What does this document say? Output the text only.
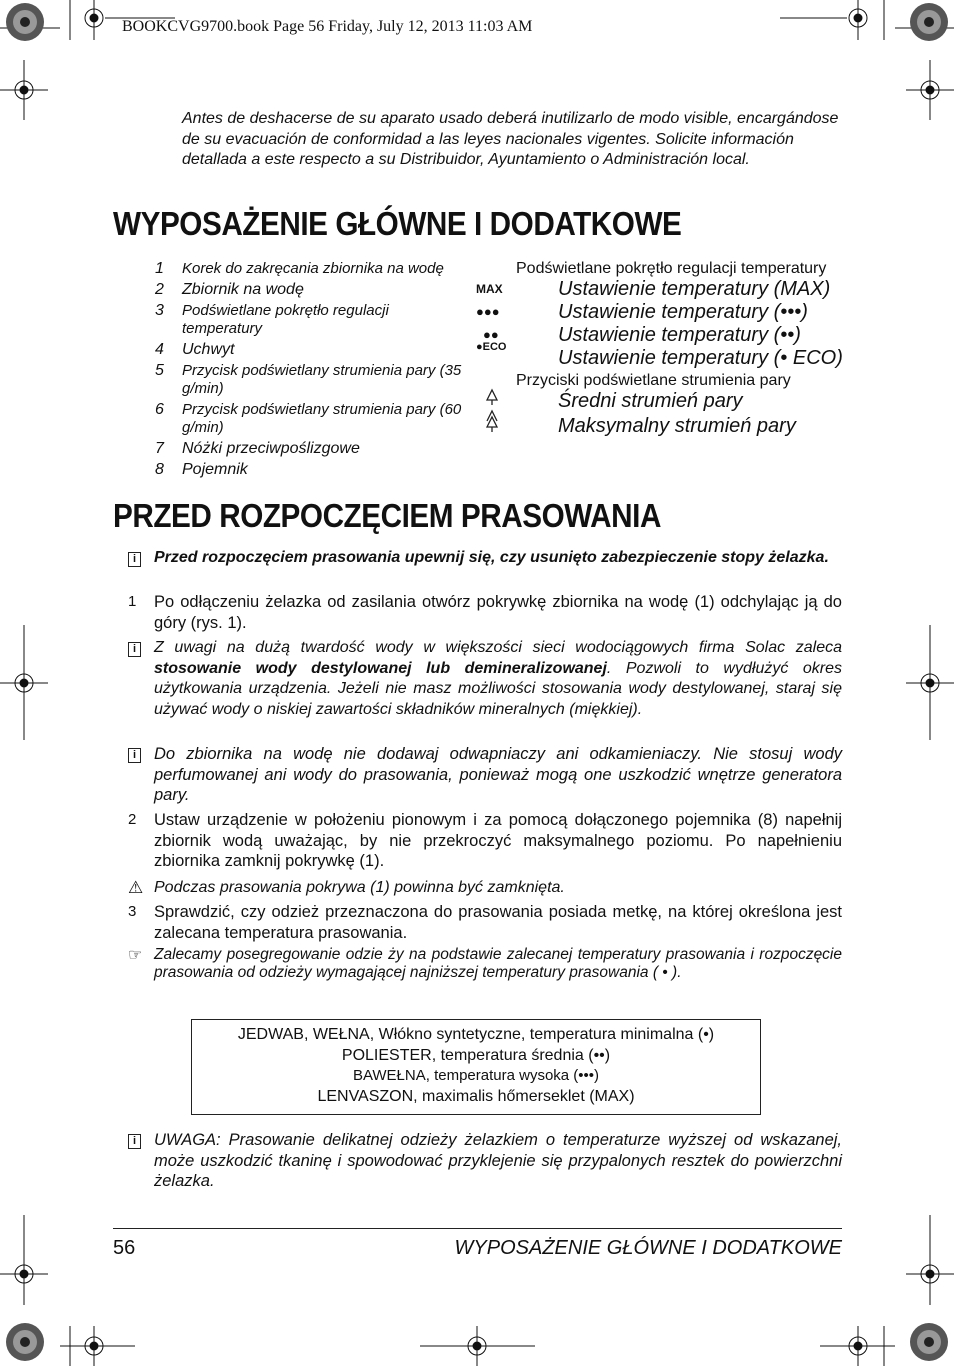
BOOKCVG9700.book Page 56 Friday, July 12, 2013 11:03 AM
Antes de deshacerse de su aparato usado deberá inutilizarlo de modo visible, encargándose de su evacuación de conformidad a las leyes nacionales vigentes. Solicite información detallada a este respecto a su Distribuidor, Ayuntamiento o Administración local.
WYPOSAŻENIE GŁÓWNE I DODATKOWE
1	Korek do zakręcania zbiornika na wodę
2	Zbiornik na wodę
3	Podświetlane pokrętło regulacji temperatury
4	Uchwyt
5	Przycisk podświetlany strumienia pary (35 g/min)
6	Przycisk podświetlany strumienia pary (60 g/min)
7	Nóżki przeciwpoślizgowe
8	Pojemnik
Podświetlane pokrętło regulacji temperatury
MAX	Ustawienie temperatury (MAX)
●●●	Ustawienie temperatury (•••)
●●	Ustawienie temperatury (••)
●ECO	Ustawienie temperatury (• ECO)
Przyciski podświetlane strumienia pary
Średni strumień pary
Maksymalny strumień pary
PRZED ROZPOCZĘCIEM PRASOWANIA
i	Przed rozpoczęciem prasowania upewnij się, czy usunięto zabezpieczenie stopy żelazka.
1	Po odłączeniu żelazka od zasilania otwórz pokrywkę zbiornika na wodę (1) odchylając ją do góry (rys. 1).
i	Z uwagi na dużą twardość wody w większości sieci wodociągowych firma Solac zaleca stosowanie wody destylowanej lub demineralizowanej. Pozwoli to wydłużyć okres użytkowania urządzenia. Jeżeli nie masz możliwości stosowania wody destylowanej, staraj się używać wody o niskiej zawartości składników mineralnych (miękkiej).
i	Do zbiornika na wodę nie dodawaj odwapniaczy ani odkamieniaczy. Nie stosuj wody perfumowanej ani wody do prasowania, ponieważ mogą one uszkodzić wnętrze generatora pary.
2	Ustaw urządzenie w położeniu pionowym i za pomocą dołączonego pojemnika (8) napełnij zbiornik wodą uważając, by nie przekroczyć maksymalnego poziomu. Po napełnieniu zbiornika zamknij pokrywkę (1).
⚠ Podczas prasowania pokrywa (1) powinna być zamknięta.
3	Sprawdzić, czy odzież przeznaczona do prasowania posiada metkę, na której określona jest zalecana temperatura prasowania.
☞ Zalecamy posegregowanie odzie ży na podstawie zalecanej temperatury prasowania i rozpoczęcie prasowania od odzieży wymagającej najniższej temperatury prasowania ( • ).
JEDWAB, WEŁNA, Włókno syntetyczne, temperatura minimalna (•)
POLIESTER, temperatura średnia (••)
BAWEŁNA, temperatura wysoka (•••)
LENVASZON, maximalis hőmerseklet (MAX)
i	UWAGA: Prasowanie delikatnej odzieży żelazkiem o temperaturze wyższej od wskazanej, może uszkodzić tkaninę i spowodować przyklejenie się przypalonych resztek do powierzchni żelazka.
56	WYPOSAŻENIE GŁÓWNE I DODATKOWE
